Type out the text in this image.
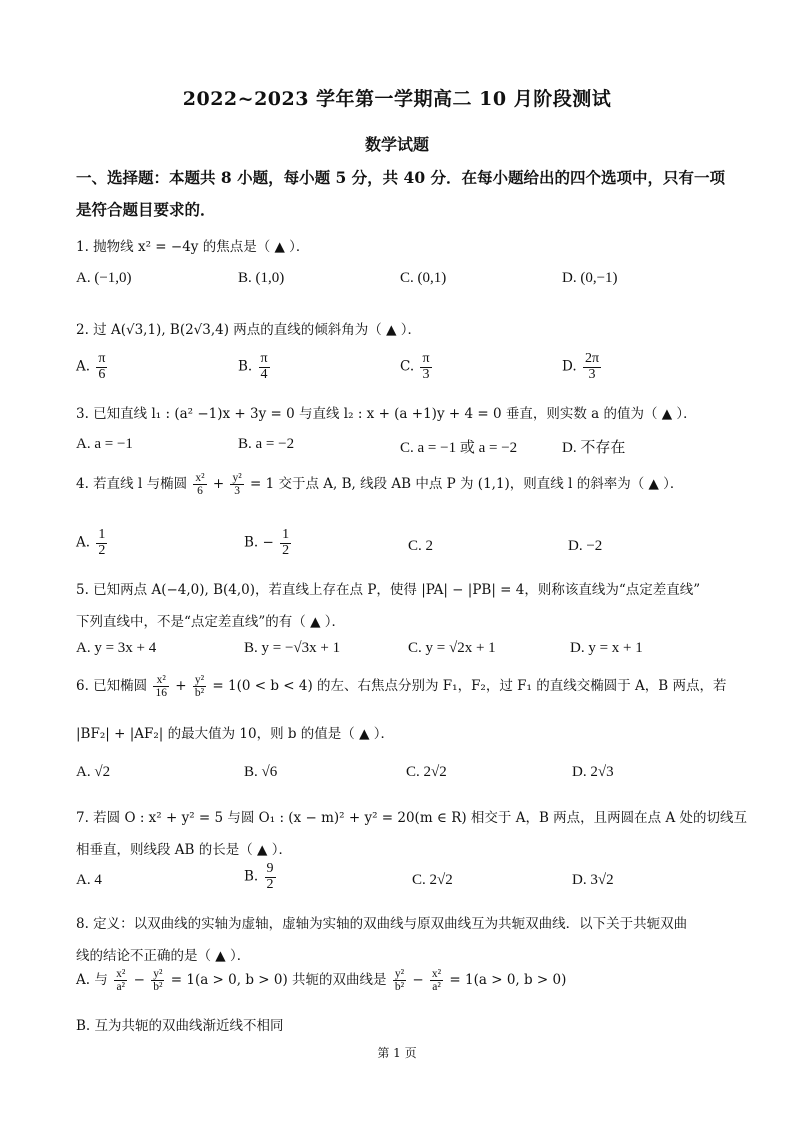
2022~2023 学年第一学期高二 10 月阶段测试
数学试题
一、选择题：本题共 8 小题，每小题 5 分，共 40 分．在每小题给出的四个选项中，只有一项
是符合题目要求的．
1. 抛物线 x² = −4y 的焦点是（ ▲ ）．
A. (−1,0)	B. (1,0)	C. (0,1)	D. (0,−1)
2. 过 A(√3,1), B(2√3,4) 两点的直线的倾斜角为（ ▲ ）．
A. $\frac{\pi}{6}$	B. $\frac{\pi}{4}$	C. $\frac{\pi}{3}$	D. $\frac{2\pi}{3}$
3. 已知直线 l₁ : (a² −1)x + 3y = 0 与直线 l₂ : x + (a +1)y + 4 = 0 垂直，则实数 a 的值为（ ▲ ）．
A. a = −1	B. a = −2	C. a = −1 或 a = −2	D. 不存在
4. 若直线 l 与椭圆 $\frac{\text{x²}}{6} + \frac{\text{y²}}{3} = 1$ 交于点 A, B, 线段 AB 中点 P 为 (1,1)，则直线 l 的斜率为（ ▲ ）．
A. $\frac{1}{2}$	B. − $\frac{1}{2}$	C. 2	D. −2
5. 已知两点 A(−4,0), B(4,0)，若直线上存在点 P，使得 |PA| − |PB| = 4，则称该直线为“点定差直线”
下列直线中，不是“点定差直线”的有（ ▲ ）．
A. y = 3x + 4	B. y = −√3x + 1	C. y = √2x + 1	D. y = x + 1
6. 已知椭圆 $\frac{\text{x²}}{16} + \frac{\text{y²}}{\text{b²}} = 1(0 < b < 4)$ 的左、右焦点分别为 F₁，F₂，过 F₁ 的直线交椭圆于 A，B 两点，若
|BF₂| + |AF₂| 的最大值为 10，则 b 的值是（ ▲ ）．
A. √2	B. √6	C. 2√2	D. 2√3
7. 若圆 O : x² + y² = 5 与圆 O₁ : (x − m)² + y² = 20(m ∈ R) 相交于 A，B 两点，且两圆在点 A 处的切线互
相垂直，则线段 AB 的长是（ ▲ ）．
A. 4	B. $\frac{9}{2}$	C. 2√2	D. 3√2
8. 定义：以双曲线的实轴为虚轴，虚轴为实轴的双曲线与原双曲线互为共轭双曲线．以下关于共轭双曲
线的结论不正确的是（ ▲ ）．
A. 与 $\frac{\text{x²}}{\text{a²}} - \frac{\text{y²}}{\text{b²}} = 1(a > 0$, b > 0) 共轭的双曲线是 $\frac{\text{y²}}{\text{b²}} - \frac{\text{x²}}{\text{a²}} = 1(a > 0$, b > 0)
B. 互为共轭的双曲线渐近线不相同
第 1 页
